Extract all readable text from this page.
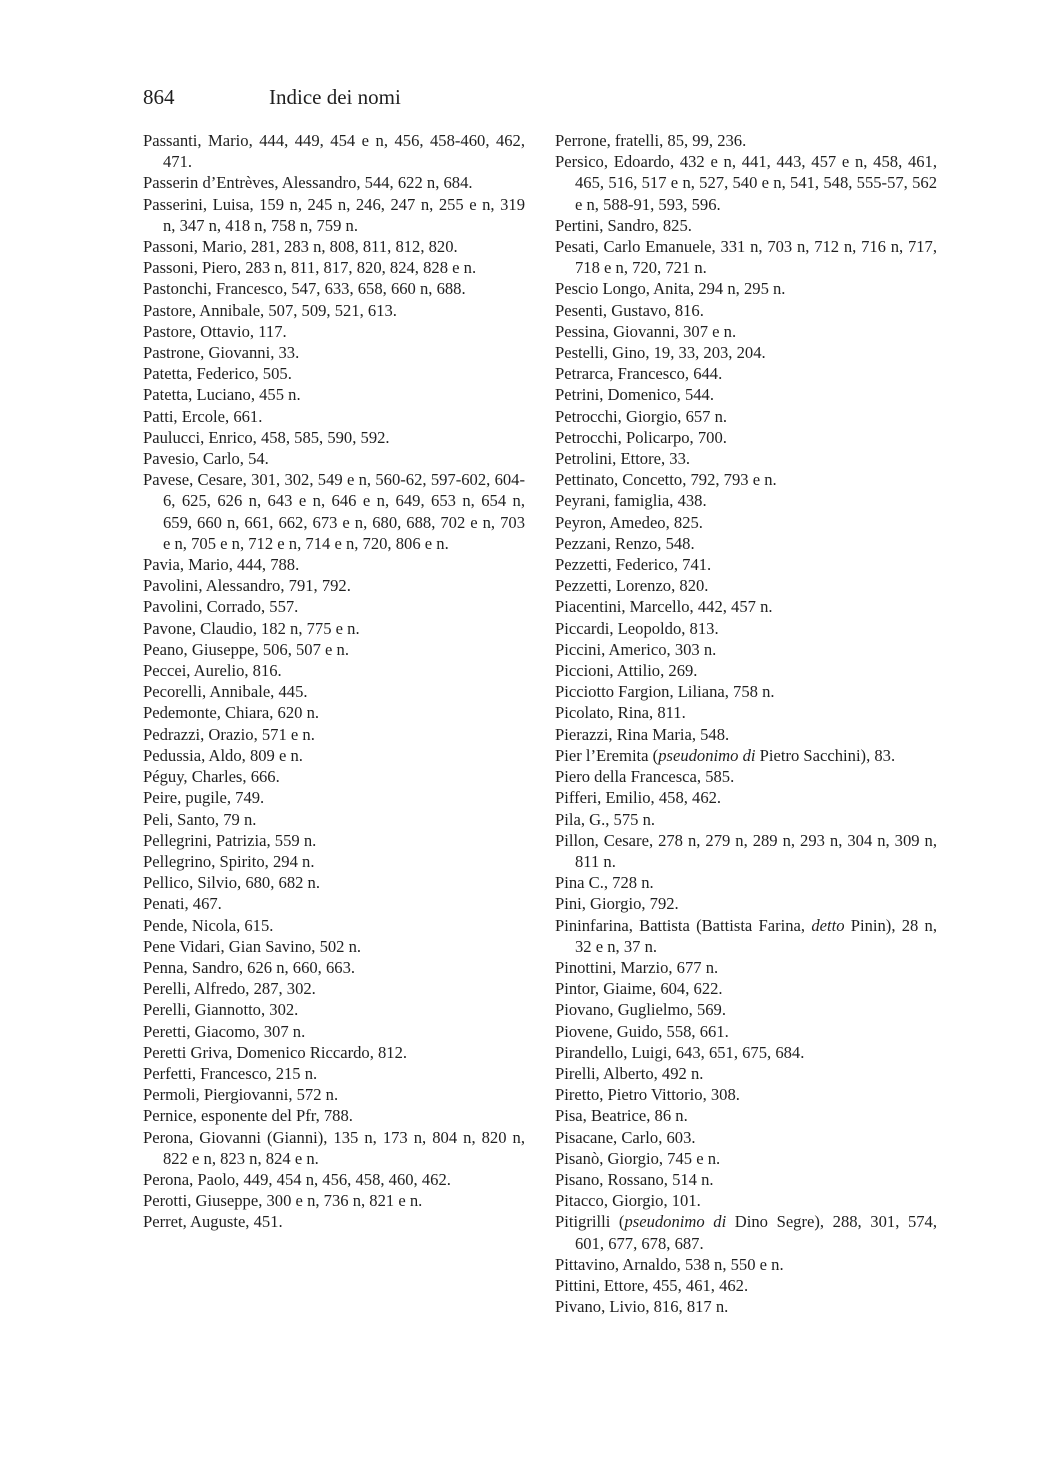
864	Indice dei nomi
Passanti, Mario, 444, 449, 454 e n, 456, 458-460, 462, 471.
Passerin d’Entrèves, Alessandro, 544, 622 n, 684.
Passerini, Luisa, 159 n, 245 n, 246, 247 n, 255 e n, 319 n, 347 n, 418 n, 758 n, 759 n.
Passoni, Mario, 281, 283 n, 808, 811, 812, 820.
Passoni, Piero, 283 n, 811, 817, 820, 824, 828 e n.
Pastonchi, Francesco, 547, 633, 658, 660 n, 688.
Pastore, Annibale, 507, 509, 521, 613.
Pastore, Ottavio, 117.
Pastrone, Giovanni, 33.
Patetta, Federico, 505.
Patetta, Luciano, 455 n.
Patti, Ercole, 661.
Paulucci, Enrico, 458, 585, 590, 592.
Pavesio, Carlo, 54.
Pavese, Cesare, 301, 302, 549 e n, 560-62, 597-602, 604-6, 625, 626 n, 643 e n, 646 e n, 649, 653 n, 654 n, 659, 660 n, 661, 662, 673 e n, 680, 688, 702 e n, 703 e n, 705 e n, 712 e n, 714 e n, 720, 806 e n.
Pavia, Mario, 444, 788.
Pavolini, Alessandro, 791, 792.
Pavolini, Corrado, 557.
Pavone, Claudio, 182 n, 775 e n.
Peano, Giuseppe, 506, 507 e n.
Peccei, Aurelio, 816.
Pecorelli, Annibale, 445.
Pedemonte, Chiara, 620 n.
Pedrazzi, Orazio, 571 e n.
Pedussia, Aldo, 809 e n.
Péguy, Charles, 666.
Peire, pugile, 749.
Peli, Santo, 79 n.
Pellegrini, Patrizia, 559 n.
Pellegrino, Spirito, 294 n.
Pellico, Silvio, 680, 682 n.
Penati, 467.
Pende, Nicola, 615.
Pene Vidari, Gian Savino, 502 n.
Penna, Sandro, 626 n, 660, 663.
Perelli, Alfredo, 287, 302.
Perelli, Giannotto, 302.
Peretti, Giacomo, 307 n.
Peretti Griva, Domenico Riccardo, 812.
Perfetti, Francesco, 215 n.
Permoli, Piergiovanni, 572 n.
Pernice, esponente del Pfr, 788.
Perona, Giovanni (Gianni), 135 n, 173 n, 804 n, 820 n, 822 e n, 823 n, 824 e n.
Perona, Paolo, 449, 454 n, 456, 458, 460, 462.
Perotti, Giuseppe, 300 e n, 736 n, 821 e n.
Perret, Auguste, 451.
Perrone, fratelli, 85, 99, 236.
Persico, Edoardo, 432 e n, 441, 443, 457 e n, 458, 461, 465, 516, 517 e n, 527, 540 e n, 541, 548, 555-57, 562 e n, 588-91, 593, 596.
Pertini, Sandro, 825.
Pesati, Carlo Emanuele, 331 n, 703 n, 712 n, 716 n, 717, 718 e n, 720, 721 n.
Pescio Longo, Anita, 294 n, 295 n.
Pesenti, Gustavo, 816.
Pessina, Giovanni, 307 e n.
Pestelli, Gino, 19, 33, 203, 204.
Petrarca, Francesco, 644.
Petrini, Domenico, 544.
Petrocchi, Giorgio, 657 n.
Petrocchi, Policarpo, 700.
Petrolini, Ettore, 33.
Pettinato, Concetto, 792, 793 e n.
Peyrani, famiglia, 438.
Peyron, Amedeo, 825.
Pezzani, Renzo, 548.
Pezzetti, Federico, 741.
Pezzetti, Lorenzo, 820.
Piacentini, Marcello, 442, 457 n.
Piccardi, Leopoldo, 813.
Piccini, Americo, 303 n.
Piccioni, Attilio, 269.
Picciotto Fargion, Liliana, 758 n.
Picolato, Rina, 811.
Pierazzi, Rina Maria, 548.
Pier l’Eremita (pseudonimo di Pietro Sacchini), 83.
Piero della Francesca, 585.
Pifferi, Emilio, 458, 462.
Pila, G., 575 n.
Pillon, Cesare, 278 n, 279 n, 289 n, 293 n, 304 n, 309 n, 811 n.
Pina C., 728 n.
Pini, Giorgio, 792.
Pininfarina, Battista (Battista Farina, detto Pinin), 28 n, 32 e n, 37 n.
Pinottini, Marzio, 677 n.
Pintor, Giaime, 604, 622.
Piovano, Guglielmo, 569.
Piovene, Guido, 558, 661.
Pirandello, Luigi, 643, 651, 675, 684.
Pirelli, Alberto, 492 n.
Piretto, Pietro Vittorio, 308.
Pisa, Beatrice, 86 n.
Pisacane, Carlo, 603.
Pisanò, Giorgio, 745 e n.
Pisano, Rossano, 514 n.
Pitacco, Giorgio, 101.
Pitigrilli (pseudonimo di Dino Segre), 288, 301, 574, 601, 677, 678, 687.
Pittavino, Arnaldo, 538 n, 550 e n.
Pittini, Ettore, 455, 461, 462.
Pivano, Livio, 816, 817 n.
